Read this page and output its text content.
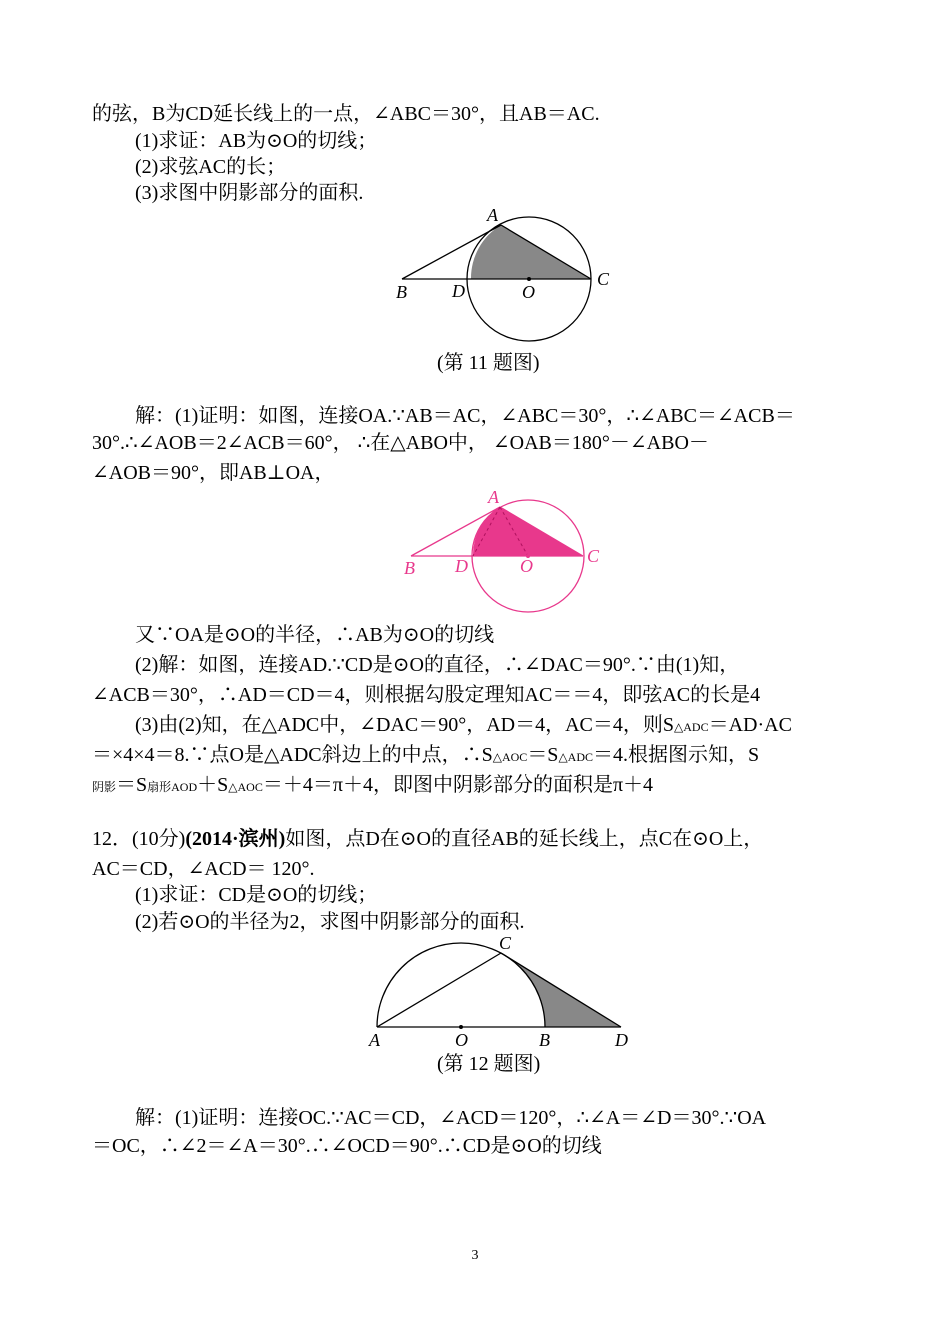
的弦，B为CD延长线上的一点，∠ABC＝30°，且AB＝AC.
(1)求证：AB为⊙O的切线；
(2)求弦AC的长；
(3)求图中阴影部分的面积.
A
B
C
D	O
(第 11 题图)
解：(1)证明：如图，连接OA.∵AB＝AC，∠ABC＝30°，∴∠ABC＝∠ACB＝
30°.∴∠AOB＝2∠ACB＝60°， ∴在△ABO中， ∠OAB＝180°－∠ABO－
∠AOB＝90°，即AB⊥OA，
A
B
C
D	O
又∵OA是⊙O的半径，∴AB为⊙O的切线
(2)解：如图，连接AD.∵CD是⊙O的直径，∴∠DAC＝90°.∵由(1)知，
∠ACB＝30°，∴AD＝CD＝4，则根据勾股定理知AC＝＝4，即弦AC的长是4
(3)由(2)知，在△ADC中，∠DAC＝90°，AD＝4，AC＝4，则S△ADC＝AD·AC
＝×4×4＝8.∵点O是△ADC斜边上的中点，∴S△AOC＝S△ADC＝4.根据图示知，S
阴影＝S扇形AOD＋S△AOC＝＋4＝π＋4，即图中阴影部分的面积是π＋4
12．(10分)(2014·滨州)如图，点D在⊙O的直径AB的延长线上，点C在⊙O上，
AC＝CD，∠ACD＝ 120°.
(1)求证：CD是⊙O的切线；
(2)若⊙O的半径为2，求图中阴影部分的面积.
A	O	B	D
C
(第 12 题图)
解：(1)证明：连接OC.∵AC＝CD，∠ACD＝120°，∴∠A＝∠D＝30°.∵OA
＝OC，∴∠2＝∠A＝30°.∴∠OCD＝90°.∴CD是⊙O的切线
3
